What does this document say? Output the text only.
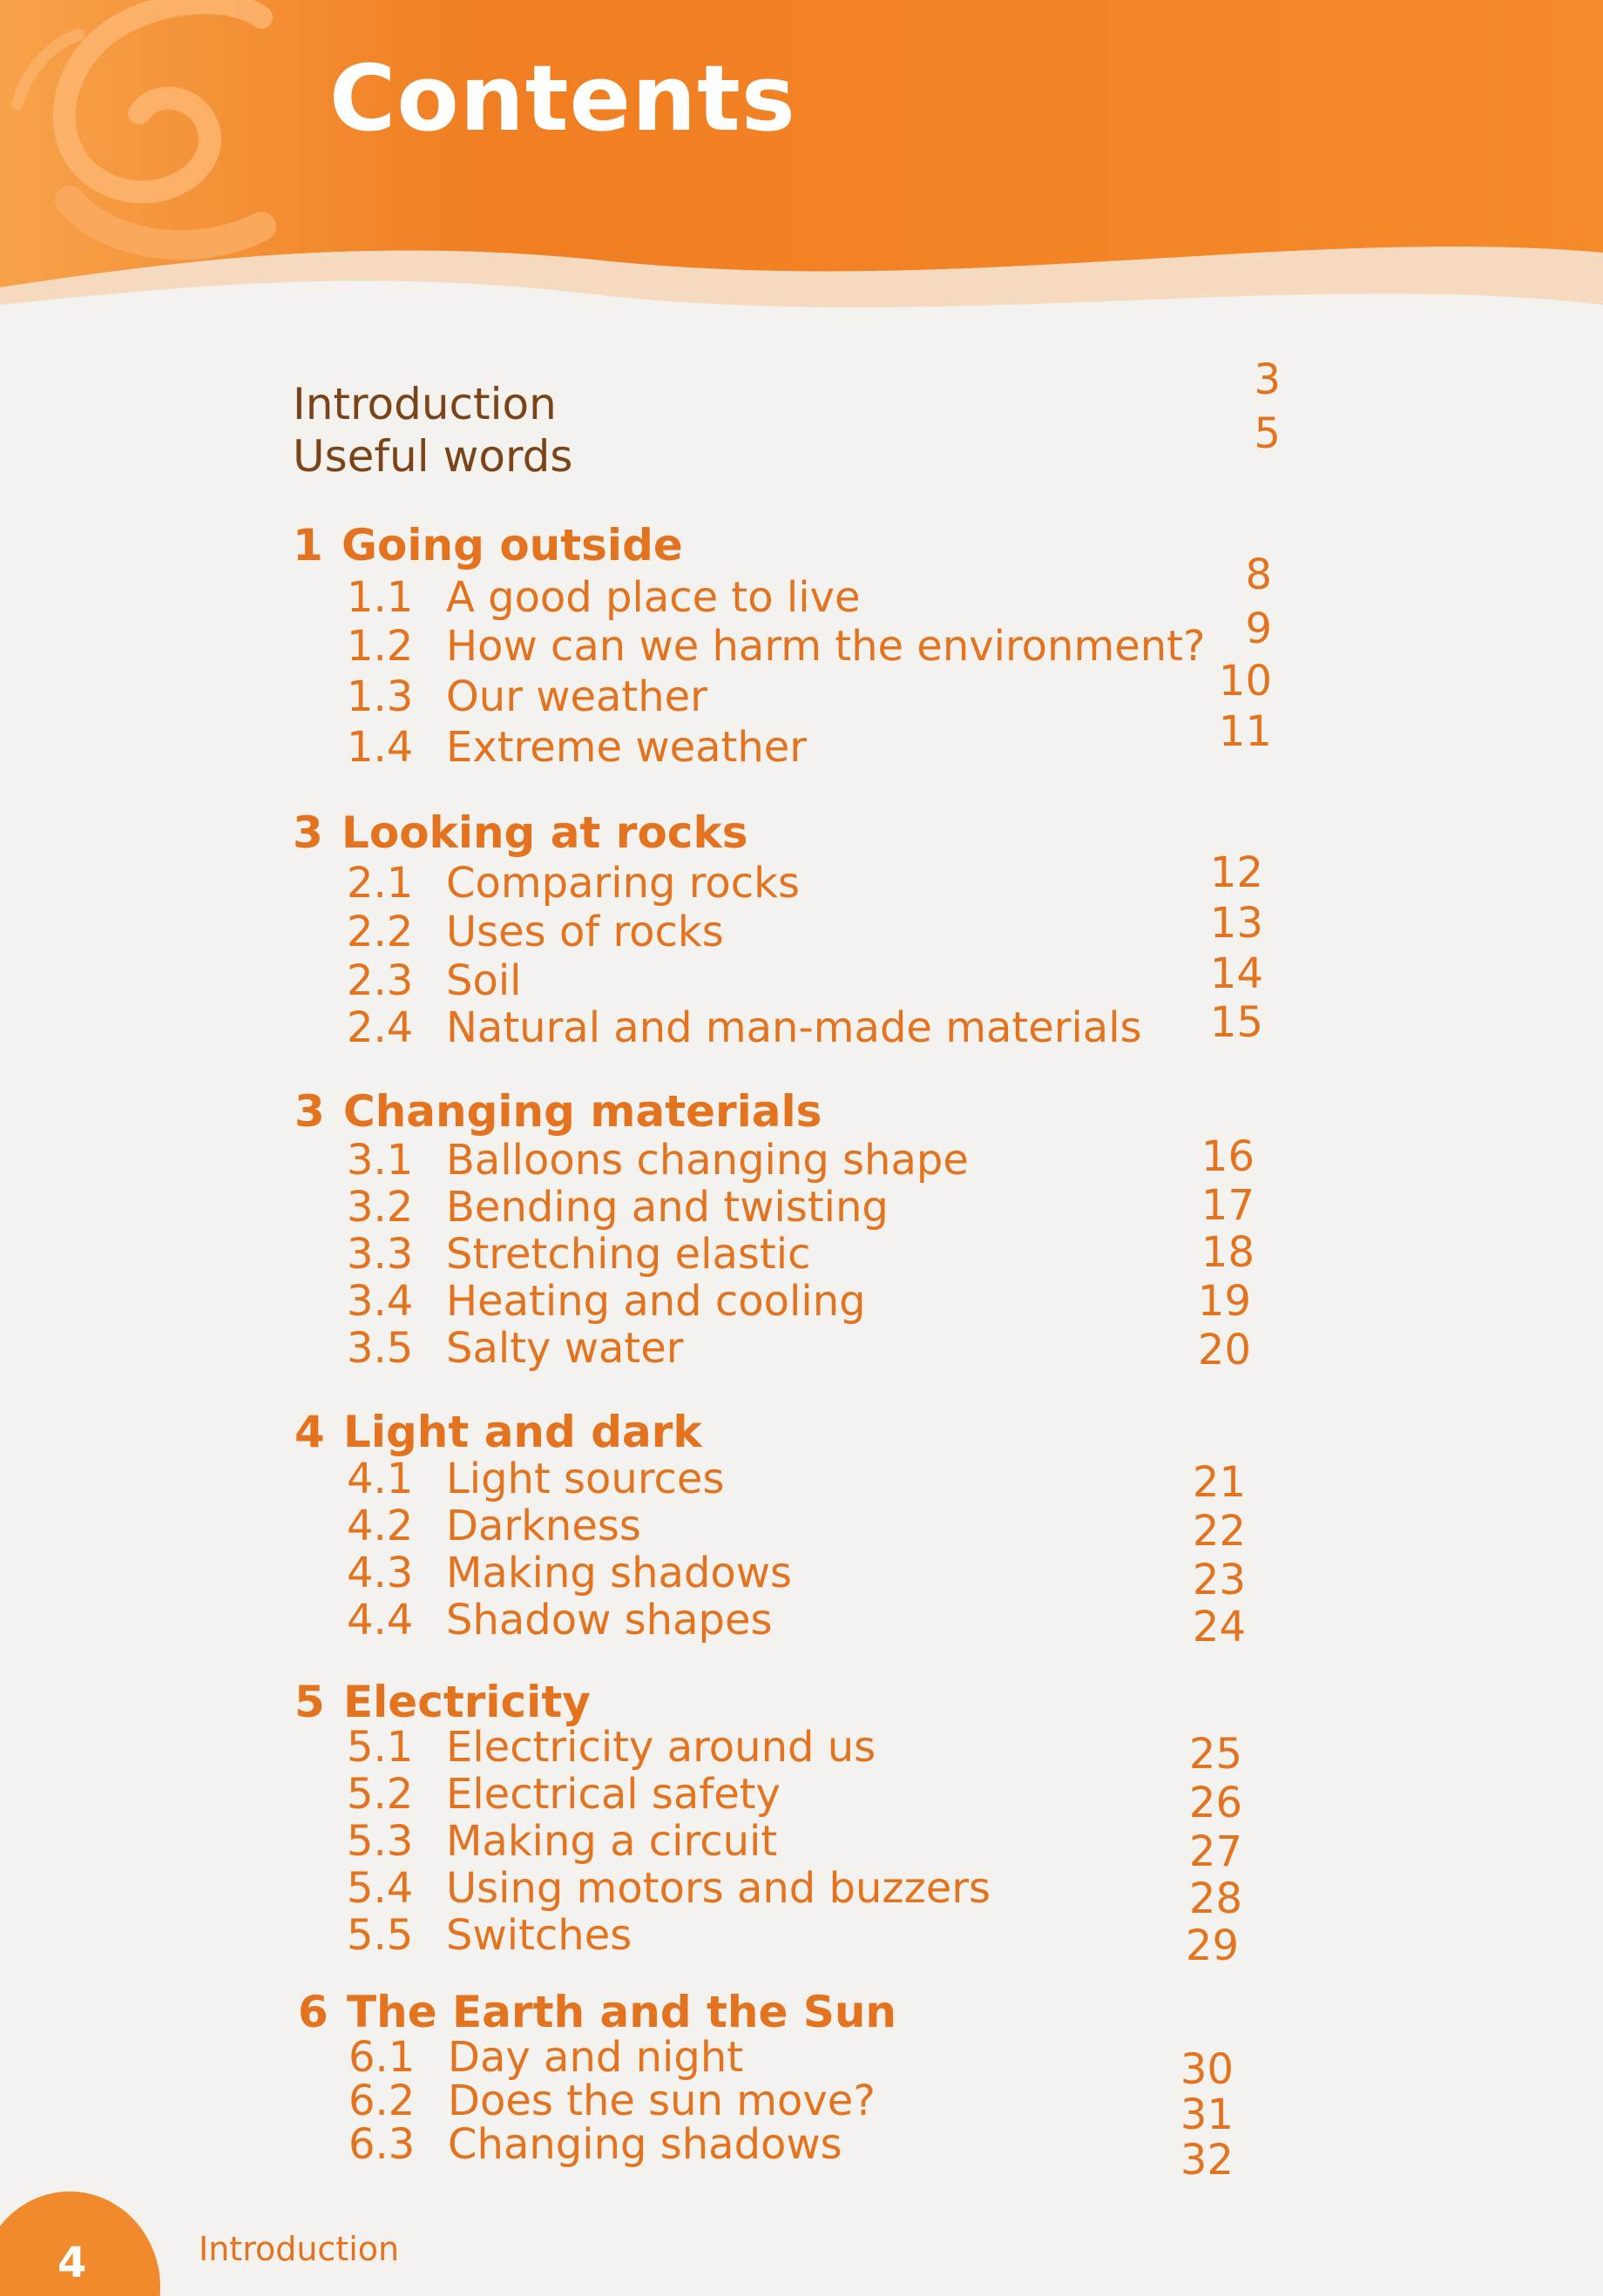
Contents
Introduction	3
Useful words	5
1 Going outside
1.1 A good place to live	8
1.2 How can we harm the environment? 9
1.3 Our weather	10
1.4 Extreme weather	11
3 Looking at rocks
2.1 Comparing rocks	12
2.2 Uses of rocks	13
2.3 Soil	14
2.4 Natural and man-made materials	15
3 Changing materials
3.1 Balloons changing shape	16
3.2 Bending and twisting	17
3.3 Stretching elastic	18
3.4 Heating and cooling	19
3.5 Salty water	20
4 Light and dark
4.1 Light sources	21
4.2 Darkness	22
4.3 Making shadows	23
4.4 Shadow shapes	24
5 Electricity
5.1 Electricity around us	25
5.2 Electrical safety	26
5.3 Making a circuit	27
5.4 Using motors and buzzers	28
5.5 Switches	29
6 The Earth and the Sun
6.1 Day and night	30
6.2 Does the sun move?	31
6.3 Changing shadows	32
4	Introduction
